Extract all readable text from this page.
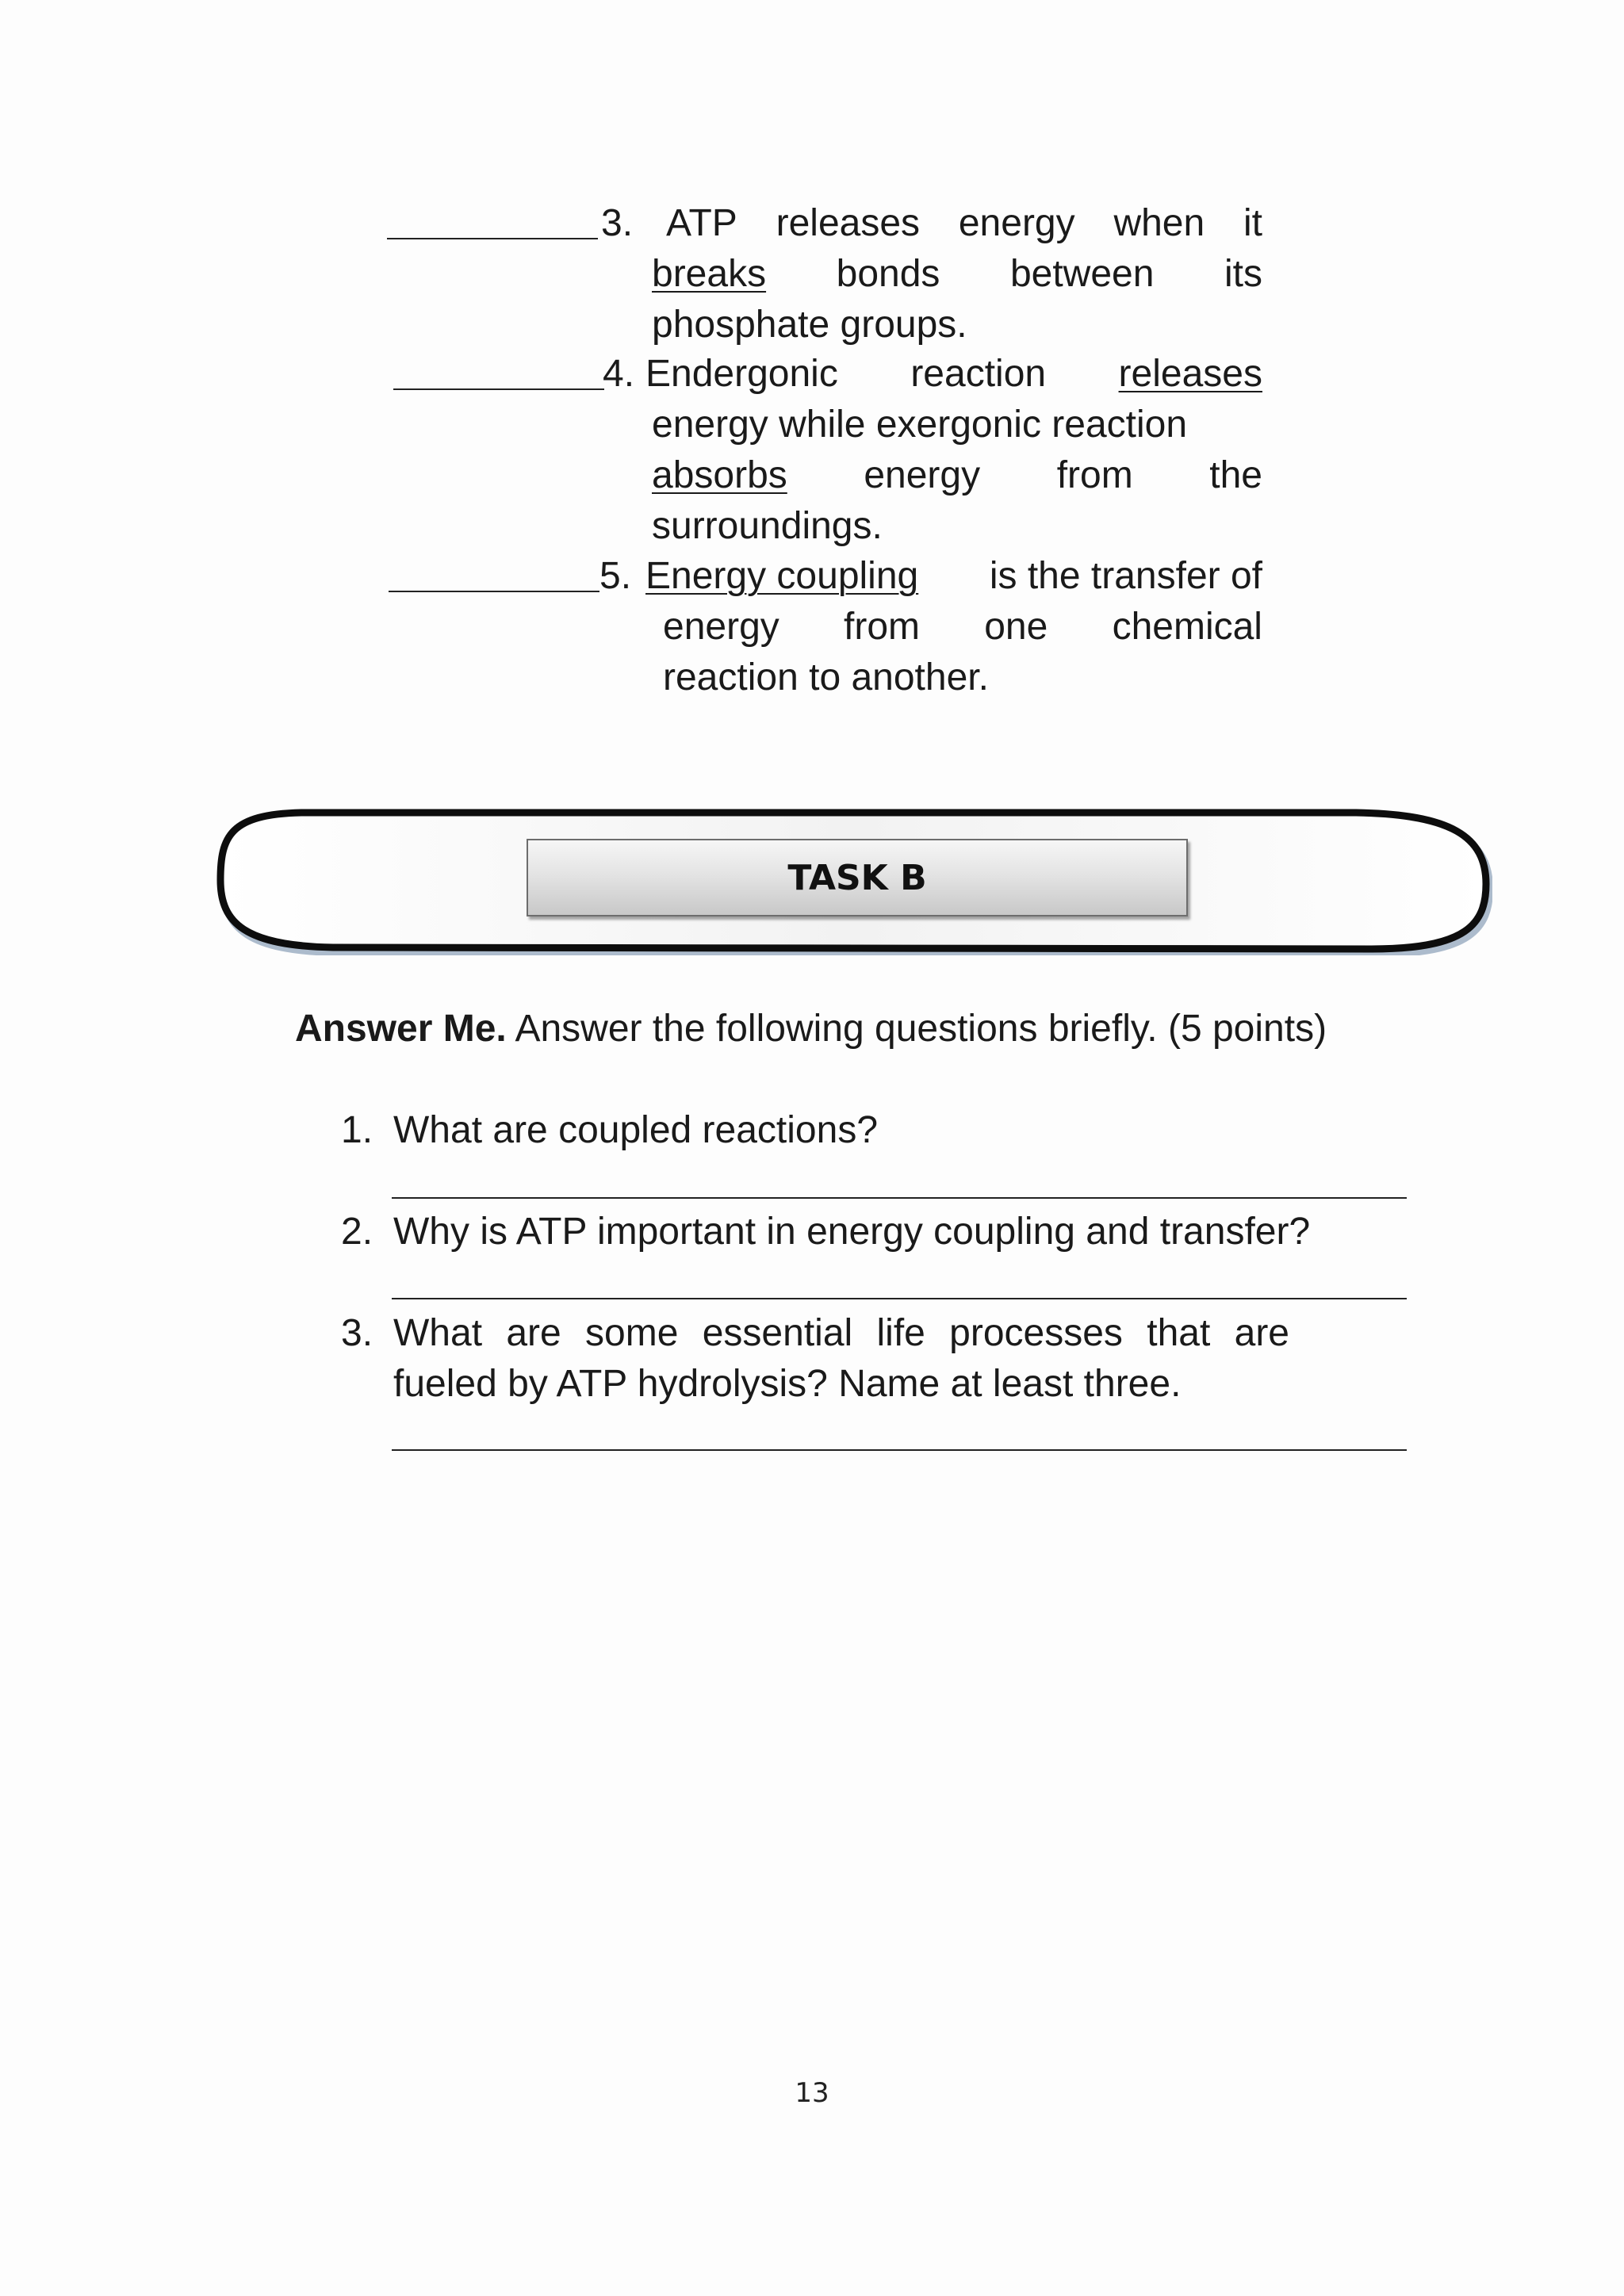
3. ATP releases energy when it
breaks bonds between its
phosphate groups.
4. Endergonic reaction releases
energy while exergonic reaction
absorbs energy from the
surroundings.
5. Energy coupling is the transfer of
energy from one chemical
reaction to another.
TASK B
Answer Me. Answer the following questions briefly. (5 points)
1. What are coupled reactions?
2. Why is ATP important in energy coupling and transfer?
3. What are some essential life processes that are fueled by ATP hydrolysis? Name at least three.
13
